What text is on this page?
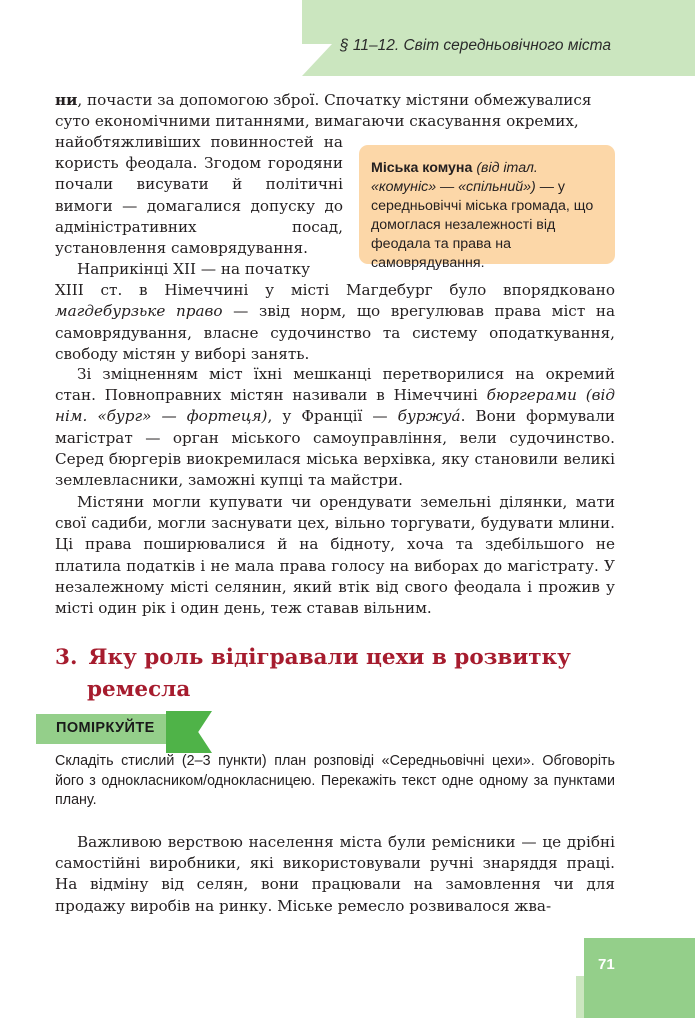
§ 11–12. Світ середньовічного міста
ни, почасти за допомогою зброї. Спочатку містяни обмежувалися
суто економічними питаннями, вимагаючи скасування окремих,
найобтяжливіших повинностей на користь феодала. Згодом городяни почали висувати й політичні вимоги — домагалися допуску до адміністративних посад, установлення самоврядування.
Міська комуна (від італ. «комуніс» — «спільний») — у середньовіччі міська громада, що домоглася незалежності від феодала та права на самоврядування.
Наприкінці XII — на початку
XIII ст. в Німеччині у місті Магдебург було впорядковано магдебурзьке право — звід норм, що врегулював права міст на самоврядування, власне судочинство та систему оподаткування, свободу містян у виборі занять.
Зі зміцненням міст їхні мешканці перетворилися на окремий стан. Повноправних містян називали в Німеччині бюргерами (від нім. «бург» — фортеця), у Франції — буржуá. Вони формували магістрат — орган міського самоуправління, вели судочинство. Серед бюргерів виокремилася міська верхівка, яку становили великі землевласники, заможні купці та майстри.
Містяни могли купувати чи орендувати земельні ділянки, мати свої садиби, могли заснувати цех, вільно торгувати, будувати млини. Ці права поширювалися й на бідноту, хоча та здебільшого не платила податків і не мала права голосу на виборах до магістрату. У незалежному місті селянин, який втік від свого феодала і прожив у місті один рік і один день, теж ставав вільним.
3. Яку роль відігравали цехи в розвитку
ремесла
ПОМІРКУЙТЕ
Складіть стислий (2–3 пункти) план розповіді «Середньовічні цехи». Обговоріть його з однокласником/однокласницею. Перекажіть текст одне одному за пунктами плану.
Важливою верствою населення міста були ремісники — це дрібні самостійні виробники, які використовували ручні знаряддя праці. На відміну від селян, вони працювали на замовлення чи для продажу виробів на ринку. Міське ремесло розвивалося жва-
71
